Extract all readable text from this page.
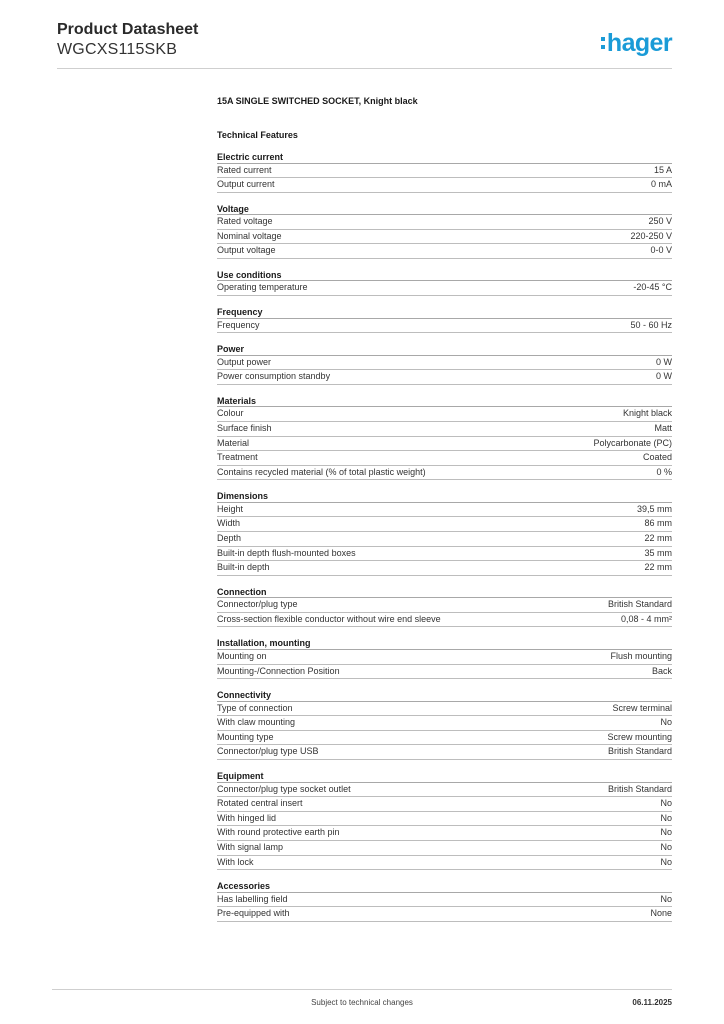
Product Datasheet
WGCXS115SKB	hager
15A SINGLE SWITCHED SOCKET, Knight black
Technical Features
Electric current
Rated current	15 A
Output current	0 mA
Voltage
Rated voltage	250 V
Nominal voltage	220-250 V
Output voltage	0-0 V
Use conditions
Operating temperature	-20-45 °C
Frequency
Frequency	50 - 60 Hz
Power
Output power	0 W
Power consumption standby	0 W
Materials
Colour	Knight black
Surface finish	Matt
Material	Polycarbonate (PC)
Treatment	Coated
Contains recycled material (% of total plastic weight)	0 %
Dimensions
Height	39,5 mm
Width	86 mm
Depth	22 mm
Built-in depth flush-mounted boxes	35 mm
Built-in depth	22 mm
Connection
Connector/plug type	British Standard
Cross-section flexible conductor without wire end sleeve	0,08 - 4 mm²
Installation, mounting
Mounting on	Flush mounting
Mounting-/Connection Position	Back
Connectivity
Type of connection	Screw terminal
With claw mounting	No
Mounting type	Screw mounting
Connector/plug type USB	British Standard
Equipment
Connector/plug type socket outlet	British Standard
Rotated central insert	No
With hinged lid	No
With round protective earth pin	No
With signal lamp	No
With lock	No
Accessories
Has labelling field	No
Pre-equipped with	None
Subject to technical changes	06.11.2025
